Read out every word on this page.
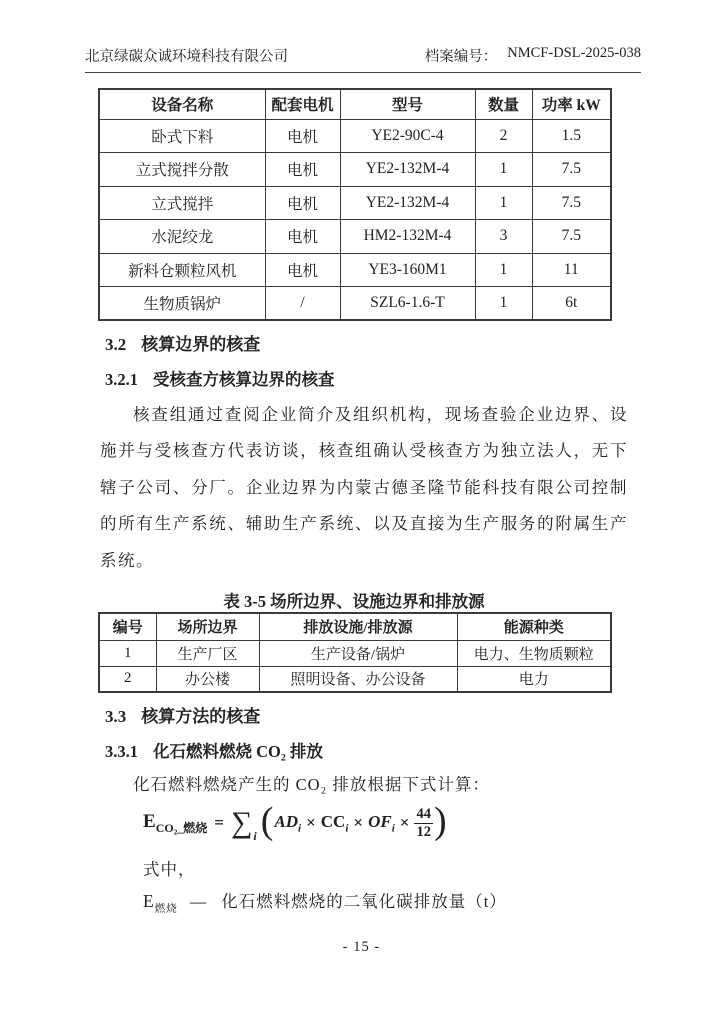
北京绿碳众诚环境科技有限公司	档案编号： NMCF-DSL-2025-038
设备名称	配套电机	型号	数量	功率 kW
卧式下料	电机	YE2-90C-4	2	1.5
立式搅拌分散	电机	YE2-132M-4	1	7.5
立式搅拌	电机	YE2-132M-4	1	7.5
水泥绞龙	电机	HM2-132M-4	3	7.5
新料仓颗粒风机	电机	YE3-160M1	1	11
生物质锅炉	/	SZL6-1.6-T	1	6t
3.2 核算边界的核查
3.2.1 受核查方核算边界的核查

核查组通过查阅企业简介及组织机构，现场查验企业边界、设施并与受核查方代表访谈，核查组确认受核查方为独立法人，无下辖子公司、分厂。企业边界为内蒙古德圣隆节能科技有限公司控制的所有生产系统、辅助生产系统、以及直接为生产服务的附属生产系统。

表 3-5 场所边界、设施边界和排放源
编号	场所边界	排放设施/排放源	能源种类
1	生产厂区	生产设备/锅炉	电力、生物质颗粒
2	办公楼	照明设备、办公设备	电力
3.3 核算方法的核查
3.3.1 化石燃料燃烧 CO₂ 排放
化石燃料燃烧产生的 CO₂ 排放根据下式计算：
$E_{CO_2\_燃烧}$ = ∑ i ( $AD_i \times CC_i \times OF_i \times \frac{44}{12}$ )
式中，
$E_{燃烧}$ — 化石燃料燃烧的二氧化碳排放量（t）
- 15 -
